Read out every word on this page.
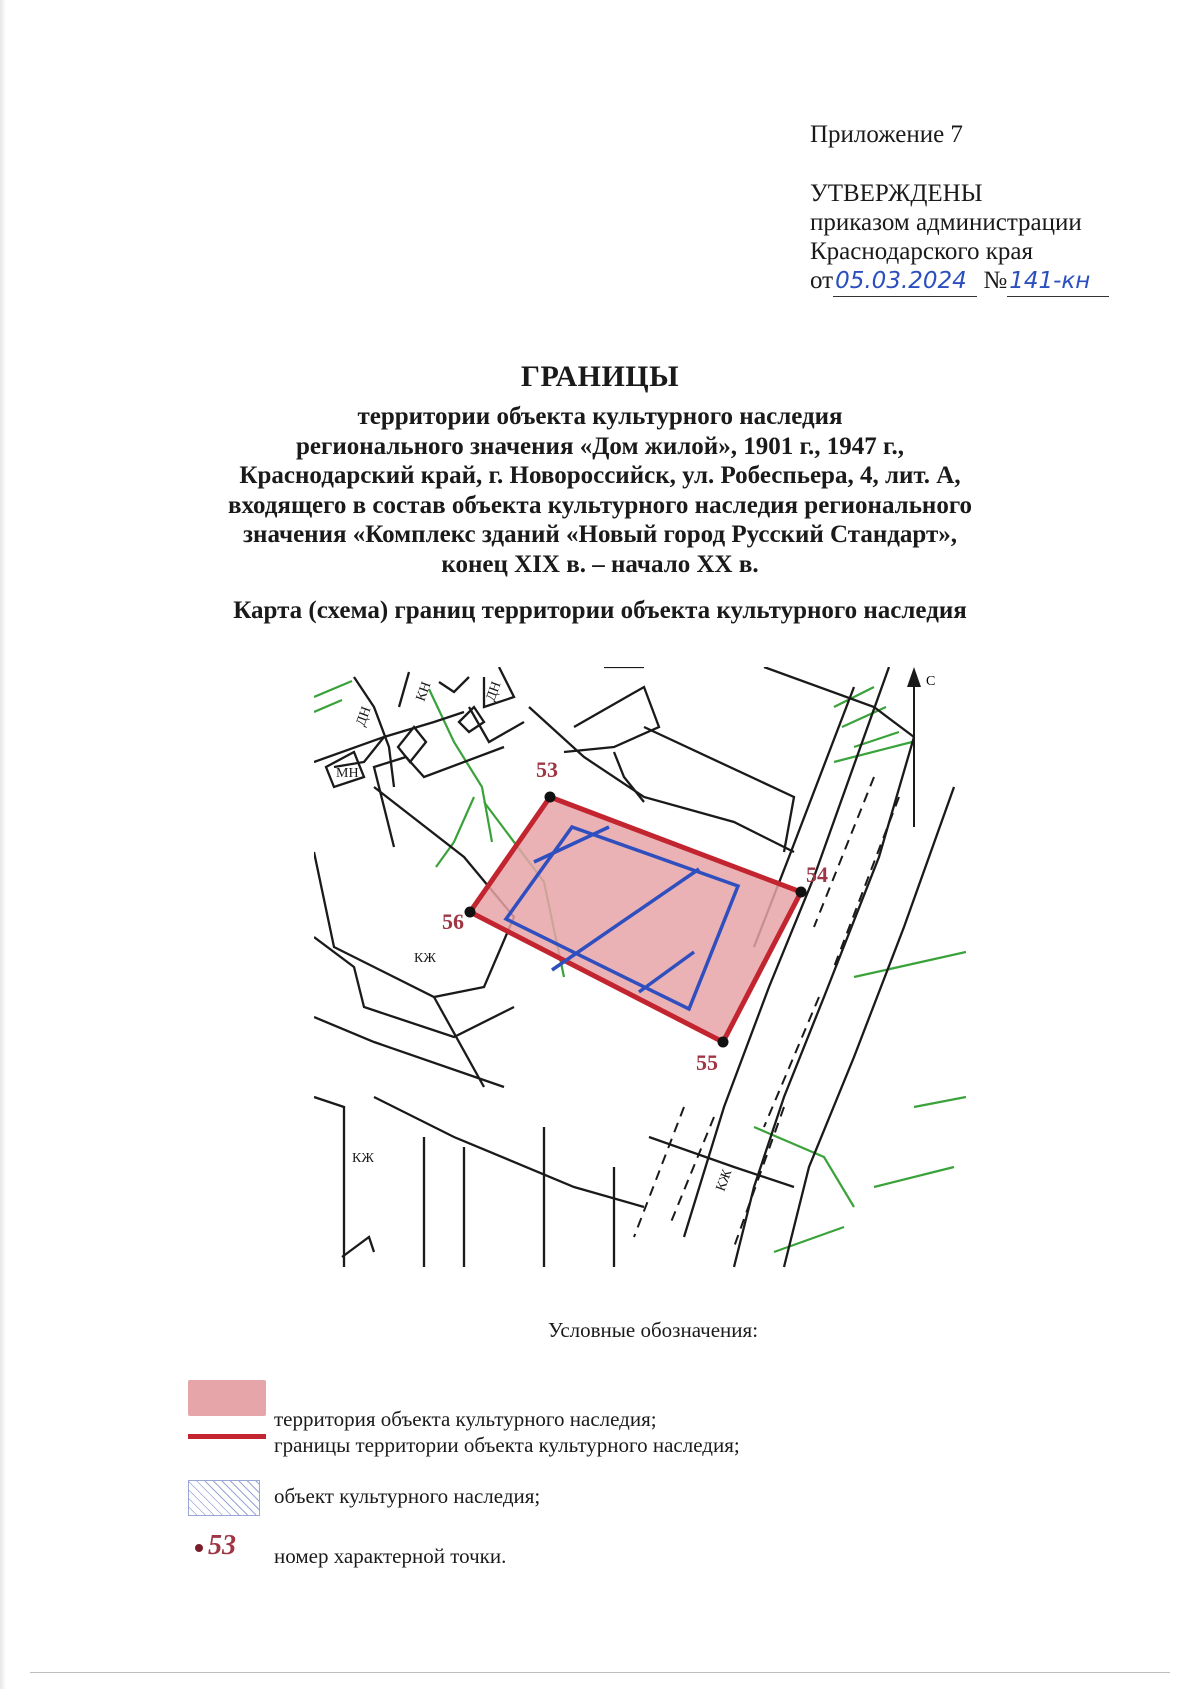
Приложение 7
УТВЕРЖДЕНЫ
приказом администрации
Краснодарского края
от05.03.2024 №141-кн
ГРАНИЦЫ
территории объекта культурного наследия
регионального значения «Дом жилой», 1901 г., 1947 г.,
Краснодарский край, г. Новороссийск, ул. Робеспьера, 4, лит. А,
входящего в состав объекта культурного наследия регионального
значения «Комплекс зданий «Новый город Русский Стандарт»,
конец XIX в. – начало XX в.
Карта (схема) границ территории объекта культурного наследия
С
КЖ
КЖ
МН
ДН
ДН
КН
КЖ
53
54
55
56
Условные обозначения:
территория объекта культурного наследия;
границы территории объекта культурного наследия;
объект культурного наследия;
53 номер характерной точки.
